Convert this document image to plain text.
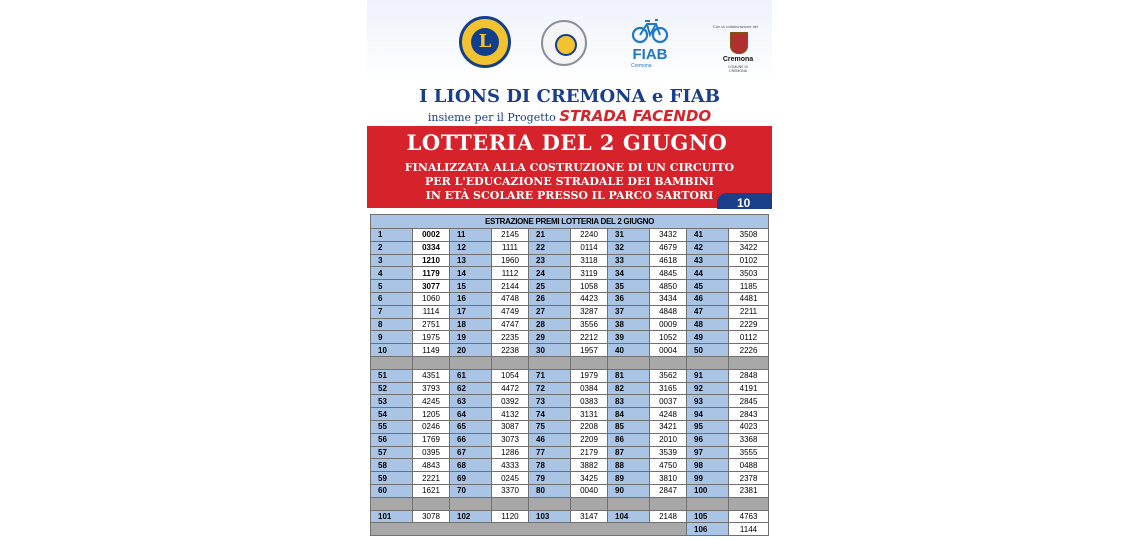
L
FIAB
Cremona
Con la collaborazione del
Cremona
COMUNE DI CREMONA
I LIONS DI CREMONA e FIAB
insieme per il Progetto STRADA FACENDO
LOTTERIA DEL 2 GIUGNO
FINALIZZATA ALLA COSTRUZIONE DI UN CIRCUITO
PER L'EDUCAZIONE STRADALE DEI BAMBINI
IN ETÀ SCOLARE PRESSO IL PARCO SARTORI
10
ESTRAZIONE PREMI LOTTERIA DEL 2 GIUGNO									
1	0002	11	2145	21	2240	31	3432	41	3508
2	0334	12	1111	22	0114	32	4679	42	3422
3	1210	13	1960	23	3118	33	4618	43	0102
4	1179	14	1112	24	3119	34	4845	44	3503
5	3077	15	2144	25	1058	35	4850	45	1185
6	1060	16	4748	26	4423	36	3434	46	4481
7	1114	17	4749	27	3287	37	4848	47	2211
8	2751	18	4747	28	3556	38	0009	48	2229
9	1975	19	2235	29	2212	39	1052	49	0112
10	1149	20	2238	30	1957	40	0004	50	2226

51	4351	61	1054	71	1979	81	3562	91	2848
52	3793	62	4472	72	0384	82	3165	92	4191
53	4245	63	0392	73	0383	83	0037	93	2845
54	1205	64	4132	74	3131	84	4248	94	2843
55	0246	65	3087	75	2208	85	3421	95	4023
56	1769	66	3073	46	2209	86	2010	96	3368
57	0395	67	1286	77	2179	87	3539	97	3555
58	4843	68	4333	78	3882	88	4750	98	0488
59	2221	69	0245	79	3425	89	3810	99	2378
60	1621	70	3370	80	0040	90	2847	100	2381

101	3078	102	1120	103	3147	104	2148	105	4763
								106	1144
